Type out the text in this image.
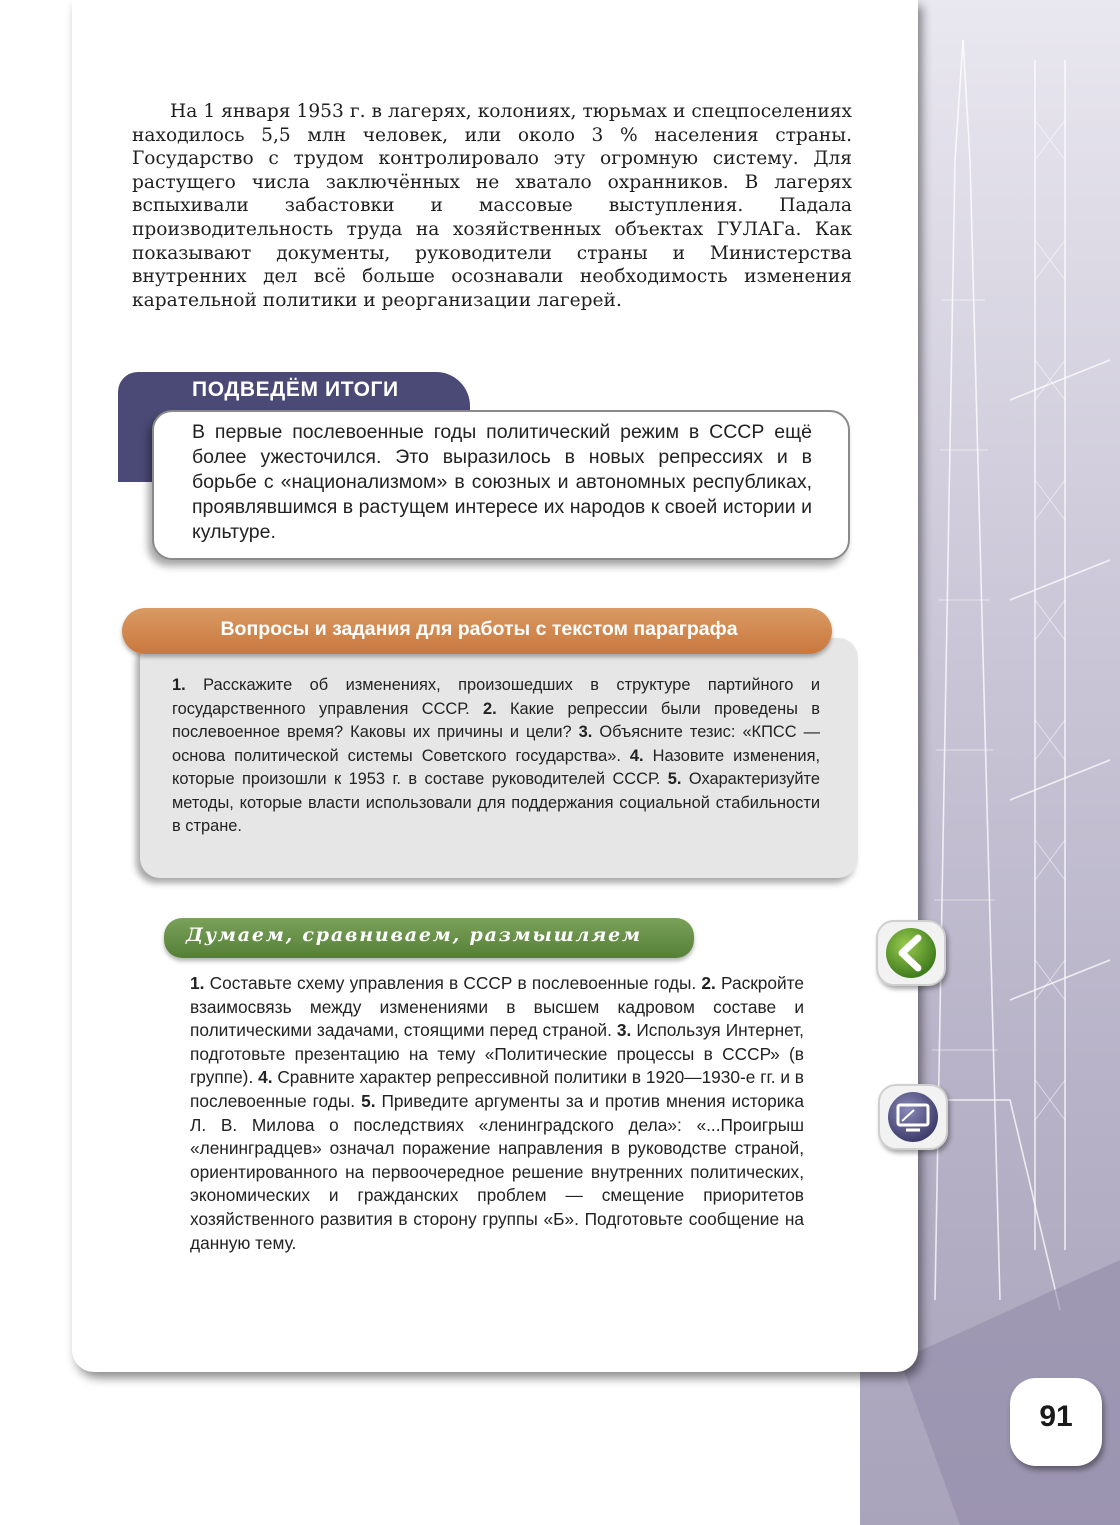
На 1 января 1953 г. в лагерях, колониях, тюрьмах и спецпоселениях находилось 5,5 млн человек, или около 3 % населения страны. Государство с трудом контролировало эту огромную систему. Для растущего числа заключённых не хватало охранников. В лагерях вспыхивали забастовки и массовые выступления. Падала производительность труда на хозяйственных объектах ГУЛАГа. Как показывают документы, руководители страны и Министерства внутренних дел всё больше осознавали необходимость изменения карательной политики и реорганизации лагерей.

ПОДВЕДЁМ ИТОГИ

В первые послевоенные годы политический режим в СССР ещё более ужесточился. Это выразилось в новых репрессиях и в борьбе с «национализмом» в союзных и автономных республиках, проявлявшимся в растущем интересе их народов к своей истории и культуре.

Вопросы и задания для работы с текстом параграфа

1. Расскажите об изменениях, произошедших в структуре партийного и государственного управления СССР. 2. Какие репрессии были проведены в послевоенное время? Каковы их причины и цели? 3. Объясните тезис: «КПСС — основа политической системы Советского государства». 4. Назовите изменения, которые произошли к 1953 г. в составе руководителей СССР. 5. Охарактеризуйте методы, которые власти использовали для поддержания социальной стабильности в стране.

Думаем, сравниваем, размышляем

1. Составьте схему управления в СССР в послевоенные годы. 2. Раскройте взаимосвязь между изменениями в высшем кадровом составе и политическими задачами, стоящими перед страной. 3. Используя Интернет, подготовьте презентацию на тему «Политические процессы в СССР» (в группе). 4. Сравните характер репрессивной политики в 1920—1930-е гг. и в послевоенные годы. 5. Приведите аргументы за и против мнения историка Л. В. Милова о последствиях «ленинградского дела»: «...Проигрыш «ленинградцев» означал поражение направления в руководстве страной, ориентированного на первоочередное решение внутренних политических, экономических и гражданских проблем — смещение приоритетов хозяйственного развития в сторону группы «Б». Подготовьте сообщение на данную тему.

91
